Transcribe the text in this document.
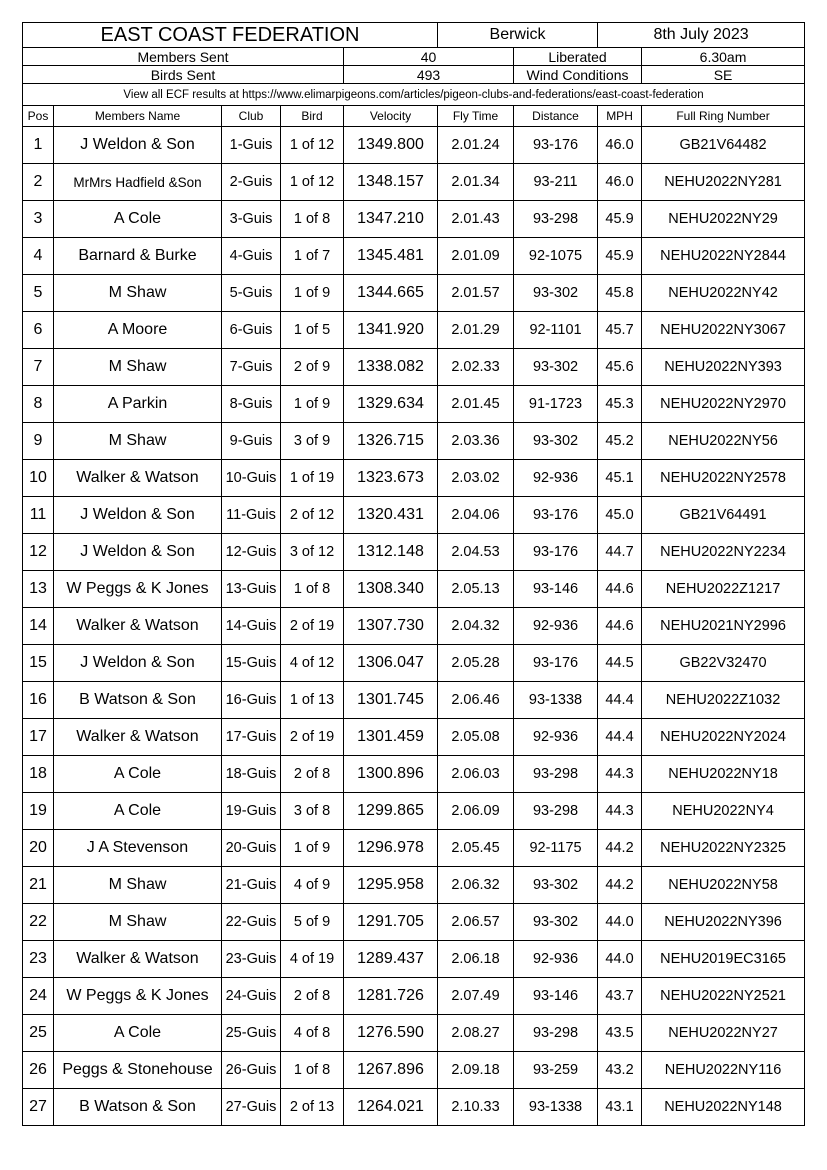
EAST COAST FEDERATION					Berwick		8th July 2023	
Members Sent				40		Liberated		6.30am
Birds Sent				493		Wind Conditions		SE
View all ECF results at https://www.elimarpigeons.com/articles/pigeon-clubs-and-federations/east-coast-federation								
Pos	Members Name	Club	Bird	Velocity	Fly Time	Distance	MPH	Full Ring Number
1	J Weldon & Son	1-Guis	1 of 12	1349.800	2.01.24	93-176	46.0	GB21V64482
2	MrMrs Hadfield &Son	2-Guis	1 of 12	1348.157	2.01.34	93-211	46.0	NEHU2022NY281
3	A Cole	3-Guis	1 of 8	1347.210	2.01.43	93-298	45.9	NEHU2022NY29
4	Barnard & Burke	4-Guis	1 of 7	1345.481	2.01.09	92-1075	45.9	NEHU2022NY2844
5	M Shaw	5-Guis	1 of 9	1344.665	2.01.57	93-302	45.8	NEHU2022NY42
6	A Moore	6-Guis	1 of 5	1341.920	2.01.29	92-1101	45.7	NEHU2022NY3067
7	M Shaw	7-Guis	2 of 9	1338.082	2.02.33	93-302	45.6	NEHU2022NY393
8	A Parkin	8-Guis	1 of 9	1329.634	2.01.45	91-1723	45.3	NEHU2022NY2970
9	M Shaw	9-Guis	3 of 9	1326.715	2.03.36	93-302	45.2	NEHU2022NY56
10	Walker & Watson	10-Guis	1 of 19	1323.673	2.03.02	92-936	45.1	NEHU2022NY2578
11	J Weldon & Son	11-Guis	2 of 12	1320.431	2.04.06	93-176	45.0	GB21V64491
12	J Weldon & Son	12-Guis	3 of 12	1312.148	2.04.53	93-176	44.7	NEHU2022NY2234
13	W Peggs & K Jones	13-Guis	1 of 8	1308.340	2.05.13	93-146	44.6	NEHU2022Z1217
14	Walker & Watson	14-Guis	2 of 19	1307.730	2.04.32	92-936	44.6	NEHU2021NY2996
15	J Weldon & Son	15-Guis	4 of 12	1306.047	2.05.28	93-176	44.5	GB22V32470
16	B Watson & Son	16-Guis	1 of 13	1301.745	2.06.46	93-1338	44.4	NEHU2022Z1032
17	Walker & Watson	17-Guis	2 of 19	1301.459	2.05.08	92-936	44.4	NEHU2022NY2024
18	A Cole	18-Guis	2 of 8	1300.896	2.06.03	93-298	44.3	NEHU2022NY18
19	A Cole	19-Guis	3 of 8	1299.865	2.06.09	93-298	44.3	NEHU2022NY4
20	J A Stevenson	20-Guis	1 of 9	1296.978	2.05.45	92-1175	44.2	NEHU2022NY2325
21	M Shaw	21-Guis	4 of 9	1295.958	2.06.32	93-302	44.2	NEHU2022NY58
22	M Shaw	22-Guis	5 of 9	1291.705	2.06.57	93-302	44.0	NEHU2022NY396
23	Walker & Watson	23-Guis	4 of 19	1289.437	2.06.18	92-936	44.0	NEHU2019EC3165
24	W Peggs & K Jones	24-Guis	2 of 8	1281.726	2.07.49	93-146	43.7	NEHU2022NY2521
25	A Cole	25-Guis	4 of 8	1276.590	2.08.27	93-298	43.5	NEHU2022NY27
26	Peggs & Stonehouse	26-Guis	1 of 8	1267.896	2.09.18	93-259	43.2	NEHU2022NY116
27	B Watson & Son	27-Guis	2 of 13	1264.021	2.10.33	93-1338	43.1	NEHU2022NY148
